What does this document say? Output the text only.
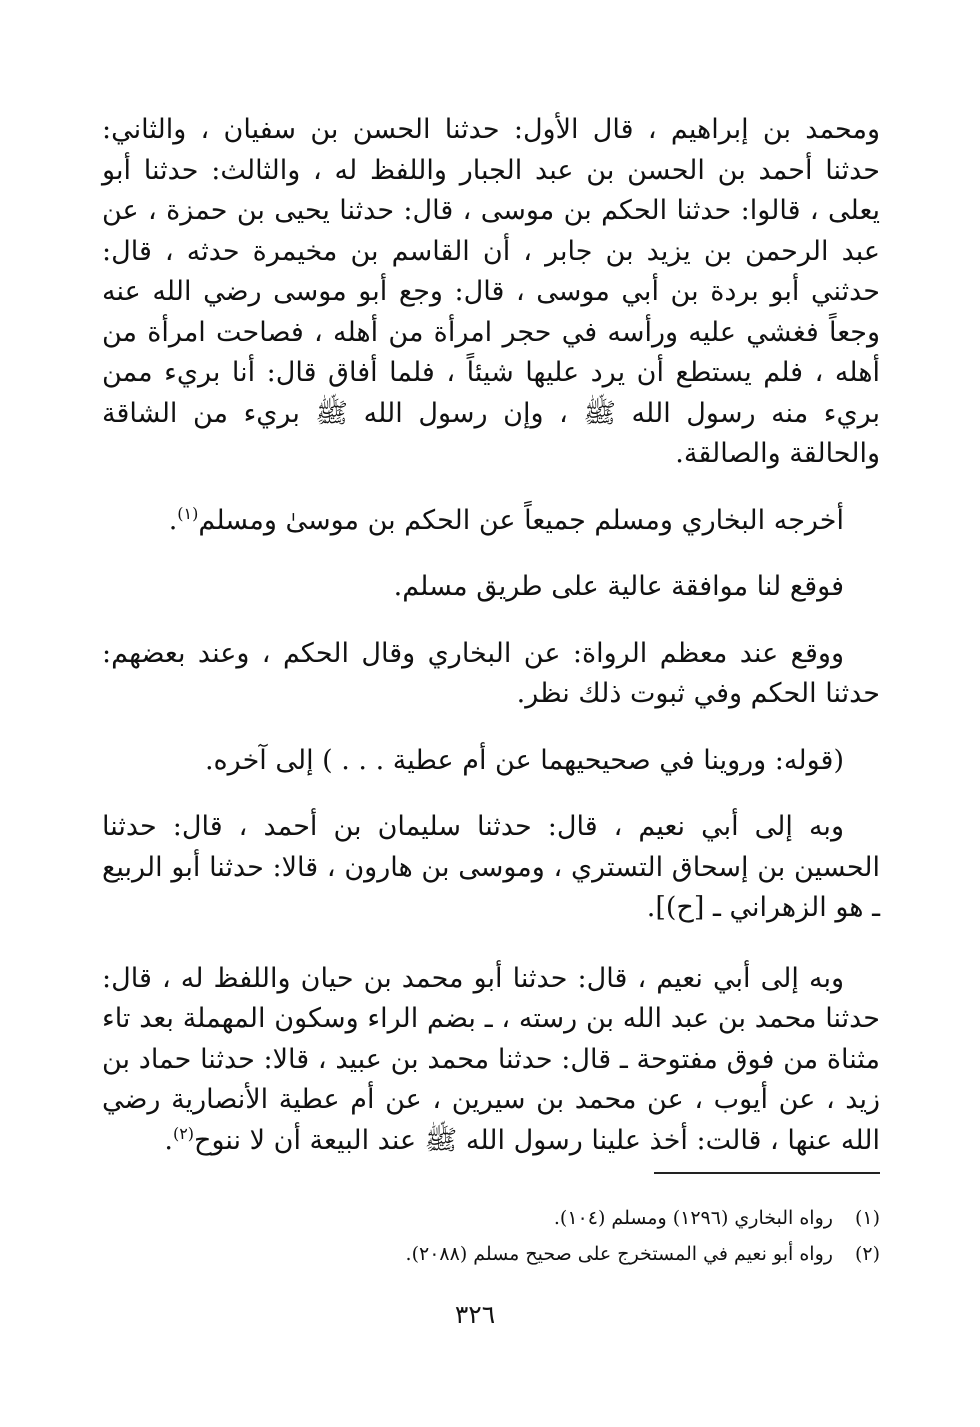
ومحمد بن إبراهيم ، قال الأول: حدثنا الحسن بن سفيان ، والثاني: حدثنا أحمد بن الحسن بن عبد الجبار واللفظ له ، والثالث: حدثنا أبو يعلى ، قالوا: حدثنا الحكم بن موسى ، قال: حدثنا يحيى بن حمزة ، عن عبد الرحمن بن يزيد بن جابر ، أن القاسم بن مخيمرة حدثه ، قال: حدثني أبو بردة بن أبي موسى ، قال: وجع أبو موسى رضي الله عنه وجعاً فغشي عليه ورأسه في حجر امرأة من أهله ، فصاحت امرأة من أهله ، فلم يستطع أن يرد عليها شيئاً ، فلما أفاق قال: أنا بريء ممن بريء منه رسول الله ﷺ ، وإن رسول الله ﷺ بريء من الشاقة والحالقة والصالقة.

أخرجه البخاري ومسلم جميعاً عن الحكم بن موسىٰ ومسلم$^{(١)}$.

فوقع لنا موافقة عالية على طريق مسلم.

ووقع عند معظم الرواة: عن البخاري وقال الحكم ، وعند بعضهم: حدثنا الحكم وفي ثبوت ذلك نظر.

(قوله: وروينا في صحيحيهما عن أم عطية . . . ) إلى آخره.

وبه إلى أبي نعيم ، قال: حدثنا سليمان بن أحمد ، قال: حدثنا الحسين بن إسحاق التستري ، وموسى بن هارون ، قالا: حدثنا أبو الربيع ـ هو الزهراني ـ [ح)].

وبه إلى أبي نعيم ، قال: حدثنا أبو محمد بن حيان واللفظ له ، قال: حدثنا محمد بن عبد الله بن رسته ، ـ بضم الراء وسكون المهملة بعد تاء مثناة من فوق مفتوحة ـ قال: حدثنا محمد بن عبيد ، قالا: حدثنا حماد بن زيد ، عن أيوب ، عن محمد بن سيرين ، عن أم عطية الأنصارية رضي الله عنها ، قالت: أخذ علينا رسول الله ﷺ عند البيعة أن لا ننوح$^{(٢)}$.

(١)
رواه البخاري (١٢٩٦) ومسلم (١٠٤).
(٢)
رواه أبو نعيم في المستخرج على صحيح مسلم (٢٠٨٨).
٣٢٦
